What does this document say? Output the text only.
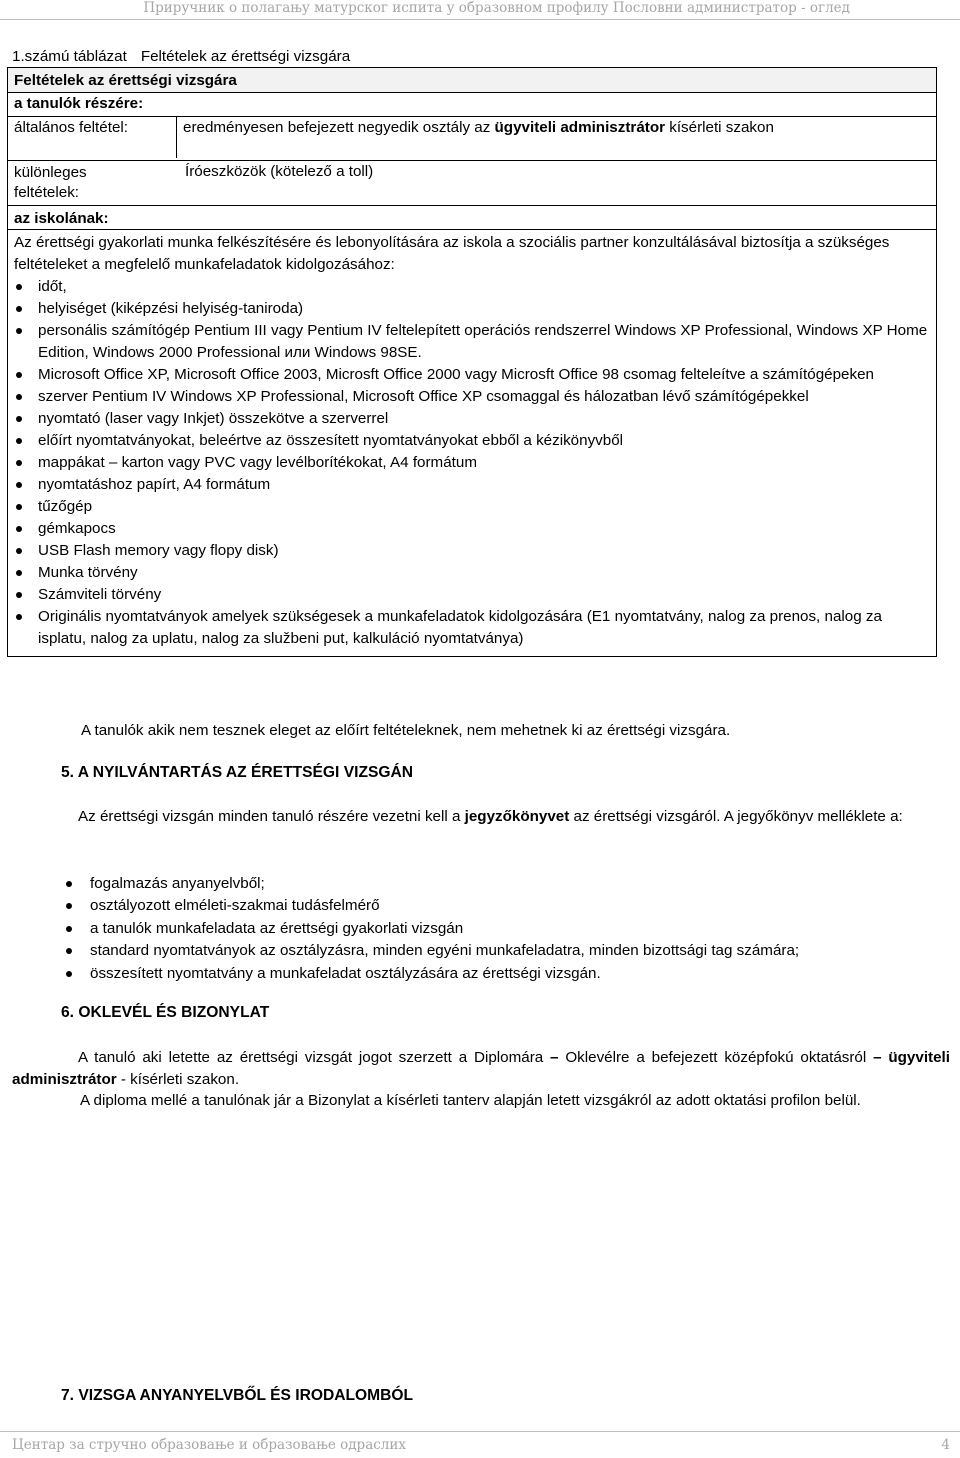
Приручник о полагању матурског испита у образовном профилу Пословни администратор - оглед
1.számú táblázat Feltételek az érettségi vizsgára
Feltételek az érettségi vizsgára
a tanulók részére:
általános feltétel:	eredményesen befejezett negyedik osztály az ügyviteli adminisztrátor kísérleti szakon
különleges
feltételek:
Íróeszközök (kötelező a toll)
az iskolának:

Az érettségi gyakorlati munka felkészítésére és lebonyolítására az iskola a szociális partner konzultálásával biztosítja a szükséges feltételeket a megfelelő munkafeladatok kidolgozásához:

időt,
helyiséget (kiképzési helyiség-taniroda)
personális számítógép Pentium III vagy Pentium IV feltelepített operációs rendszerrel Windows XP Professional, Windows XP Home Edition, Windows 2000 Professional или Windows 98SE.
Microsoft Office XP, Microsoft Office 2003, Microsft Office 2000 vagy Microsft Office 98 csomag felteleítve a számítógépeken
szerver Pentium IV Windows XP Professional, Microsoft Office XP csomaggal és hálozatban lévő számítógépekkel
nyomtató (laser vagy Inkjet) összekötve a szerverrel
előírt nyomtatványokat, beleértve az összesített nyomtatványokat ebből a kézikönyvből
mappákat – karton vagy PVC vagy levélborítékokat, A4 formátum
nyomtatáshoz papírt, A4 formátum
tűzőgép
gémkapocs
USB Flash memory vagy flopy disk)
Munka törvény
Számviteli törvény
Originális nyomtatványok amelyek szükségesek a munkafeladatok kidolgozására (E1 nyomtatvány, nalog za prenos, nalog za isplatu, nalog za uplatu, nalog za službeni put, kalkuláció nyomtatványa)
A tanulók akik nem tesznek eleget az előírt feltételeknek, nem mehetnek ki az érettségi vizsgára.
5. A NYILVÁNTARTÁS AZ ÉRETTSÉGI VIZSGÁN
Az érettségi vizsgán minden tanuló részére vezetni kell a jegyzőkönyvet az érettségi vizsgáról. A jegyőkönyv melléklete a:
fogalmazás anyanyelvből;
osztályozott elméleti-szakmai tudásfelmérő
a tanulók munkafeladata az érettségi gyakorlati vizsgán
standard nyomtatványok az osztályzásra, minden egyéni munkafeladatra, minden bizottsági tag számára;
összesített nyomtatvány a munkafeladat osztályzására az érettségi vizsgán.
6. OKLEVÉL ÉS BIZONYLAT
A tanuló aki letette az érettségi vizsgát jogot szerzett a Diplomára – Oklevélre a befejezett középfokú oktatásról – ügyviteli adminisztrátor - kísérleti szakon.
A diploma mellé a tanulónak jár a Bizonylat a kísérleti tanterv alapján letett vizsgákról az adott oktatási profilon belül.
7. VIZSGA ANYANYELVBŐL ÉS IRODALOMBÓL
Центар за стручно образовање и образовање одраслих	4
